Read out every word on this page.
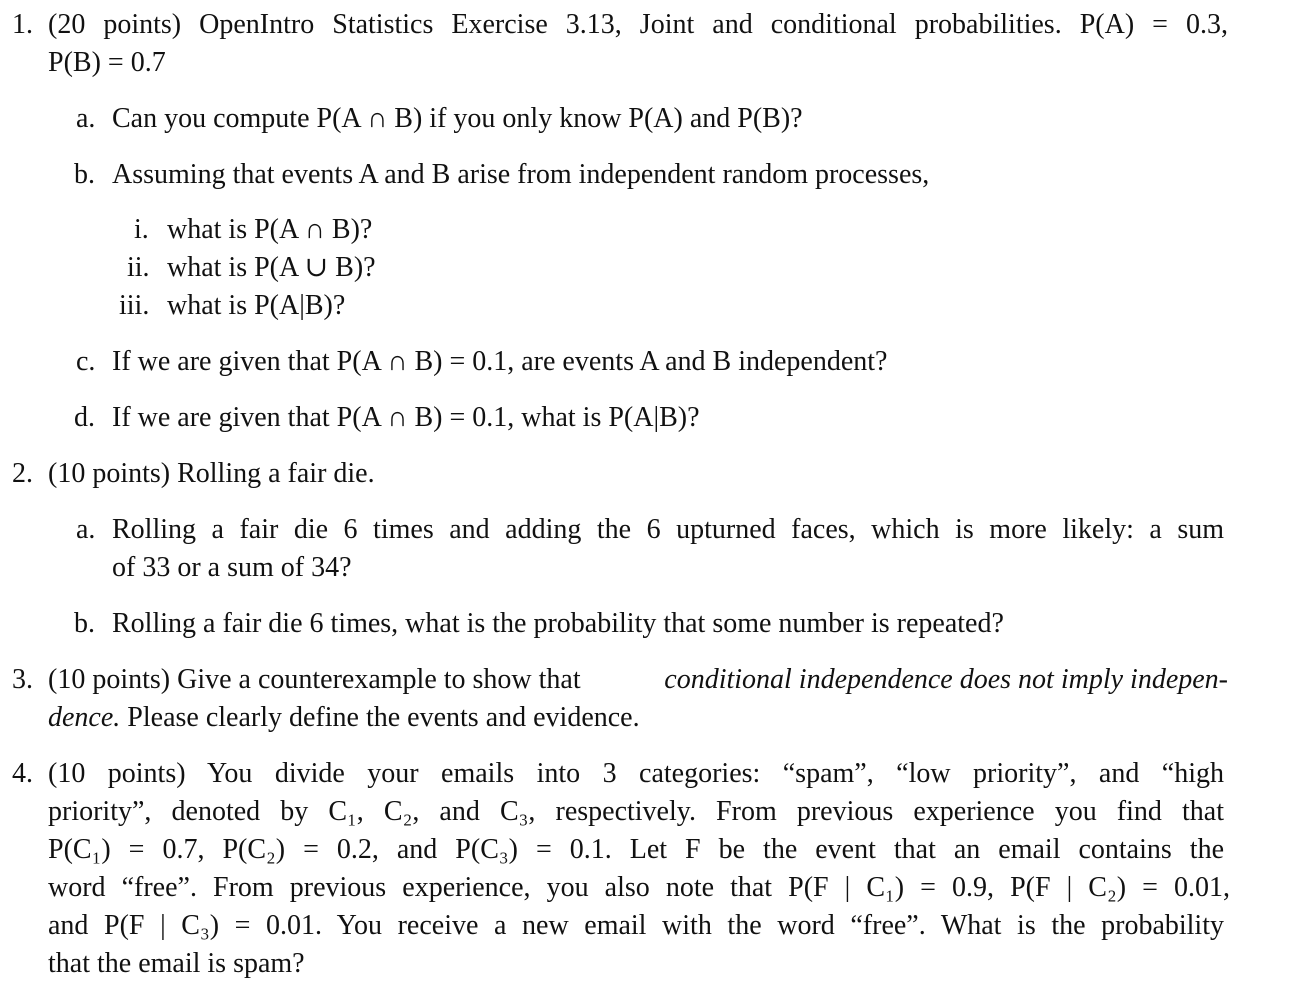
1. (20 points) OpenIntro Statistics Exercise 3.13, Joint and conditional probabilities. P(A) = 0.3,
P(B) = 0.7
a. Can you compute P(A ∩ B) if you only know P(A) and P(B)?
b. Assuming that events A and B arise from independent random processes,
i. what is P(A ∩ B)?
ii. what is P(A ∪ B)?
iii. what is P(A|B)?
c. If we are given that P(A ∩ B) = 0.1, are events A and B independent?
d. If we are given that P(A ∩ B) = 0.1, what is P(A|B)?
2. (10 points) Rolling a fair die.
a. Rolling a fair die 6 times and adding the 6 upturned faces, which is more likely: a sum
of 33 or a sum of 34?
b. Rolling a fair die 6 times, what is the probability that some number is repeated?
3. (10 points) Give a counterexample to show that	conditional independence does not imply indepen-
dence. Please clearly define the events and evidence.
4. (10 points) You divide your emails into 3 categories: “spam”, “low priority”, and “high
priority”, denoted by C₁, C₂, and C₃, respectively. From previous experience you find that
P(C₁) = 0.7, P(C₂) = 0.2, and P(C₃) = 0.1. Let F be the event that an email contains the
word “free”. From previous experience, you also note that P(F | C₁) = 0.9, P(F | C₂) = 0.01,
and P(F | C₃) = 0.01. You receive a new email with the word “free”. What is the probability
that the email is spam?
